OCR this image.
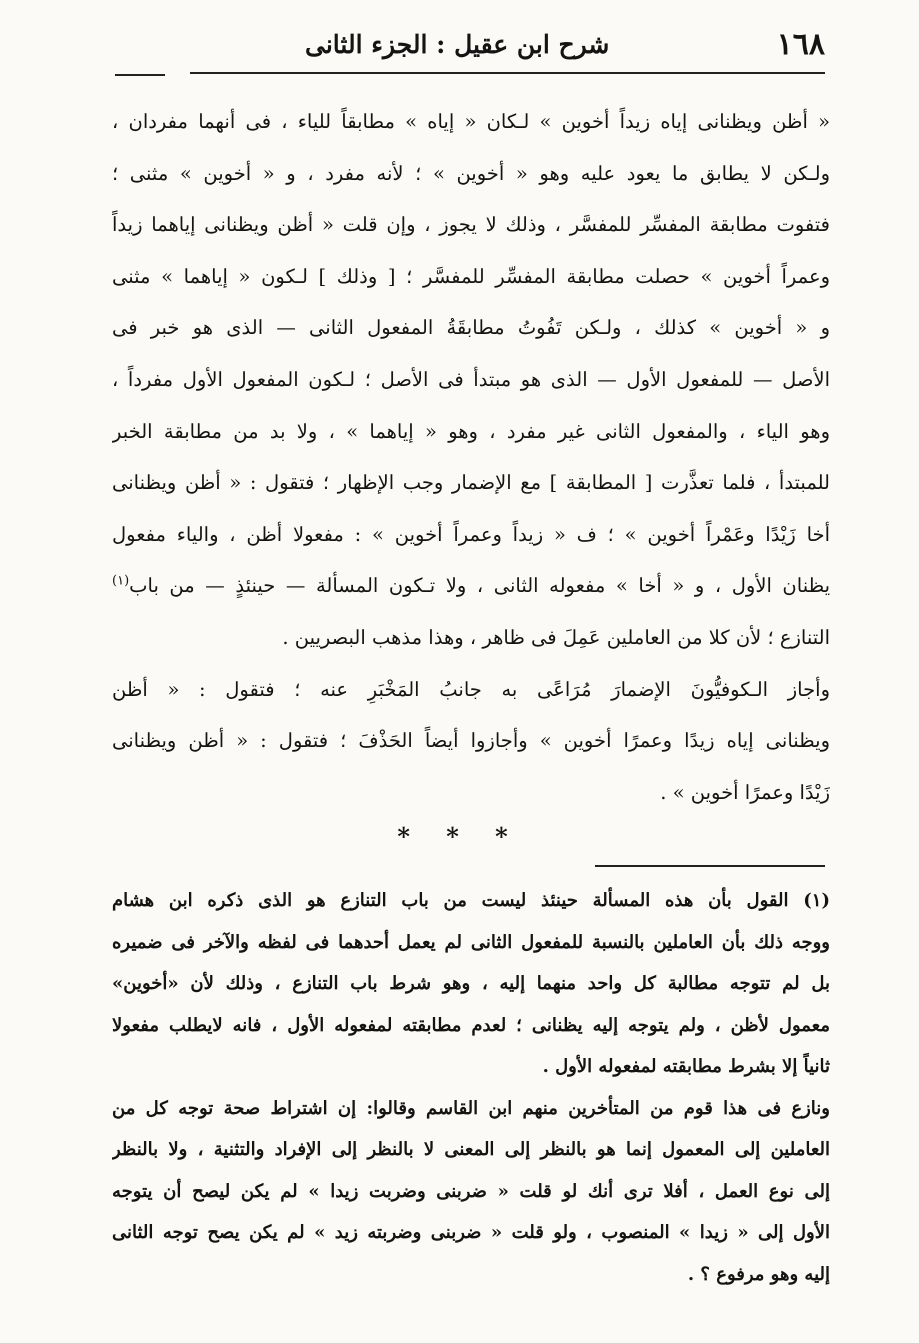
١٦٨
شرح ابن عقيل : الجزء الثانى

« أظن ويظنانى إياه زيداً أخوين » لـكان « إياه » مطابقاً للياء ، فى أنهما مفردان ،
ولـكن لا يطابق ما يعود عليه وهو « أخوين » ؛ لأنه مفرد ، و « أخوين » مثنى ؛
فتفوت مطابقة المفسِّر للمفسَّر ، وذلك لا يجوز ، وإن قلت « أظن ويظنانى إياهما زيداً
وعمراً أخوين » حصلت مطابقة المفسِّر للمفسَّر ؛ [ وذلك ] لـكون « إياهما » مثنى
و « أخوين » كذلك ، ولـكن تَفُوتُ مطابقَةُ المفعول الثانى — الذى هو خبر فى
الأصل — للمفعول الأول — الذى هو مبتدأ فى الأصل ؛ لـكون المفعول الأول مفرداً ،
وهو الياء ، والمفعول الثانى غير مفرد ، وهو « إياهما » ، ولا بد من مطابقة الخبر
للمبتدأ ، فلما تعذَّرت [ المطابقة ] مع الإضمار وجب الإظهار ؛ فتقول : « أظن ويظنانى
أخا زَيْدًا وعَمْراً أخوين » ؛ ف « زيداً وعمراً أخوين » : مفعولا أظن ، والياء مفعول
يظنان الأول ، و « أخا » مفعوله الثانى ، ولا تـكون المسألة — حينئذٍ — من باب$^{(١)}$
التنازع ؛ لأن كلا من العاملين عَمِلَ فى ظاهر ، وهذا مذهب البصريين .

وأجاز الـكوفيُّونَ الإضمارَ مُرَاعًى به جانبُ المَخْبَرِ عنه ؛ فتقول : « أظن
ويظنانى إياه زيدًا وعمرًا أخوين » وأجازوا أيضاً الحَذْفَ ؛ فتقول : « أظن ويظنانى
زَيْدًا وعمرًا أخوين » .

* * *
(١) القول بأن هذه المسألة حينئذ ليست من باب التنازع هو الذى ذكره ابن هشام
ووجه ذلك بأن العاملين بالنسبة للمفعول الثانى لم يعمل أحدهما فى لفظه والآخر فى ضميره
بل لم تتوجه مطالبة كل واحد منهما إليه ، وهو شرط باب التنازع ، وذلك لأن «أخوين»
معمول لأظن ، ولم يتوجه إليه يظنانى ؛ لعدم مطابقته لمفعوله الأول ، فانه لايطلب مفعولا
ثانياً إلا بشرط مطابقته لمفعوله الأول .
ونازع فى هذا قوم من المتأخرين منهم ابن القاسم وقالوا: إن اشتراط صحة توجه كل من
العاملين إلى المعمول إنما هو بالنظر إلى المعنى لا بالنظر إلى الإفراد والتثنية ، ولا بالنظر
إلى نوع العمل ، أفلا ترى أنك لو قلت « ضربنى وضربت زيدا » لم يكن ليصح أن يتوجه
الأول إلى « زيدا » المنصوب ، ولو قلت « ضربنى وضربته زيد » لم يكن يصح توجه الثانى
إليه وهو مرفوع ؟ .
